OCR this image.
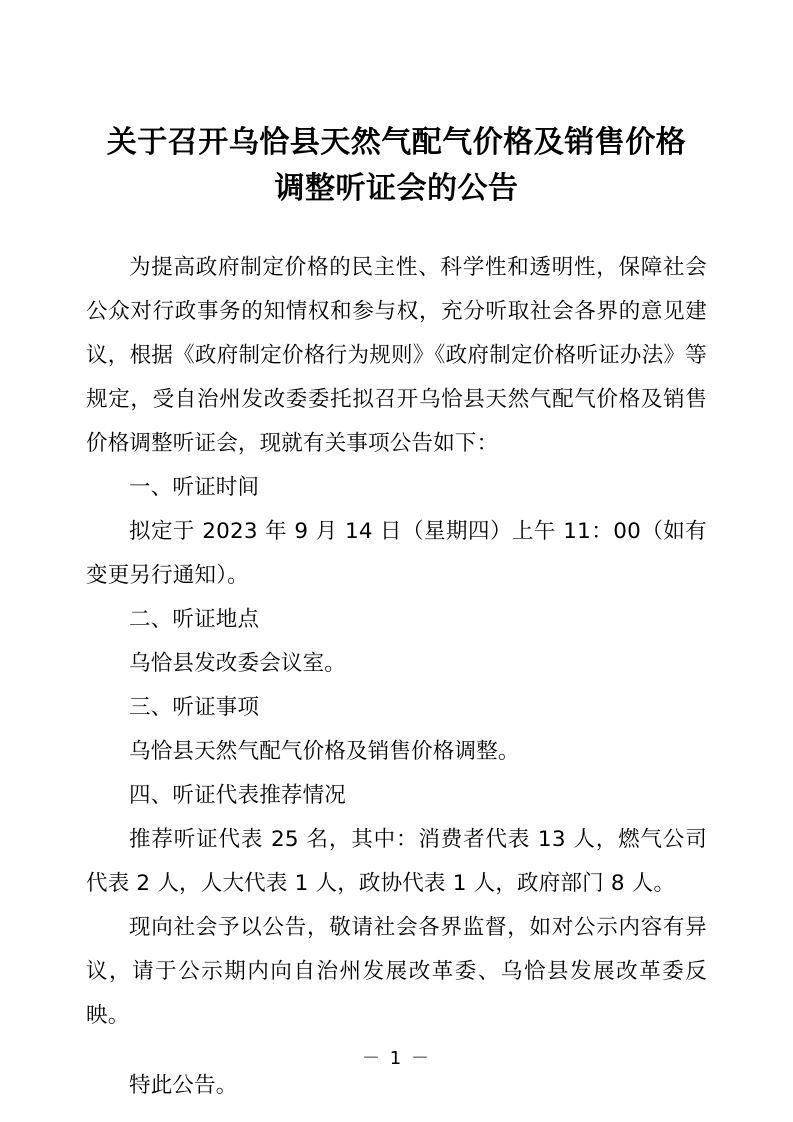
关于召开乌恰县天然气配气价格及销售价格调整听证会的公告

为提高政府制定价格的民主性、科学性和透明性，保障社会公众对行政事务的知情权和参与权，充分听取社会各界的意见建议，根据《政府制定价格行为规则》《政府制定价格听证办法》等规定，受自治州发改委委托拟召开乌恰县天然气配气价格及销售价格调整听证会，现就有关事项公告如下：

一、听证时间

拟定于 2023 年 9 月 14 日（星期四）上午 11：00（如有变更另行通知）。

二、听证地点

乌恰县发改委会议室。

三、听证事项

乌恰县天然气配气价格及销售价格调整。

四、听证代表推荐情况

推荐听证代表 25 名，其中：消费者代表 13 人，燃气公司代表 2 人，人大代表 1 人，政协代表 1 人，政府部门 8 人。

现向社会予以公告，敬请社会各界监督，如对公示内容有异议，请于公示期内向自治州发展改革委、乌恰县发展改革委反映。

特此公告。

－ 1 －
